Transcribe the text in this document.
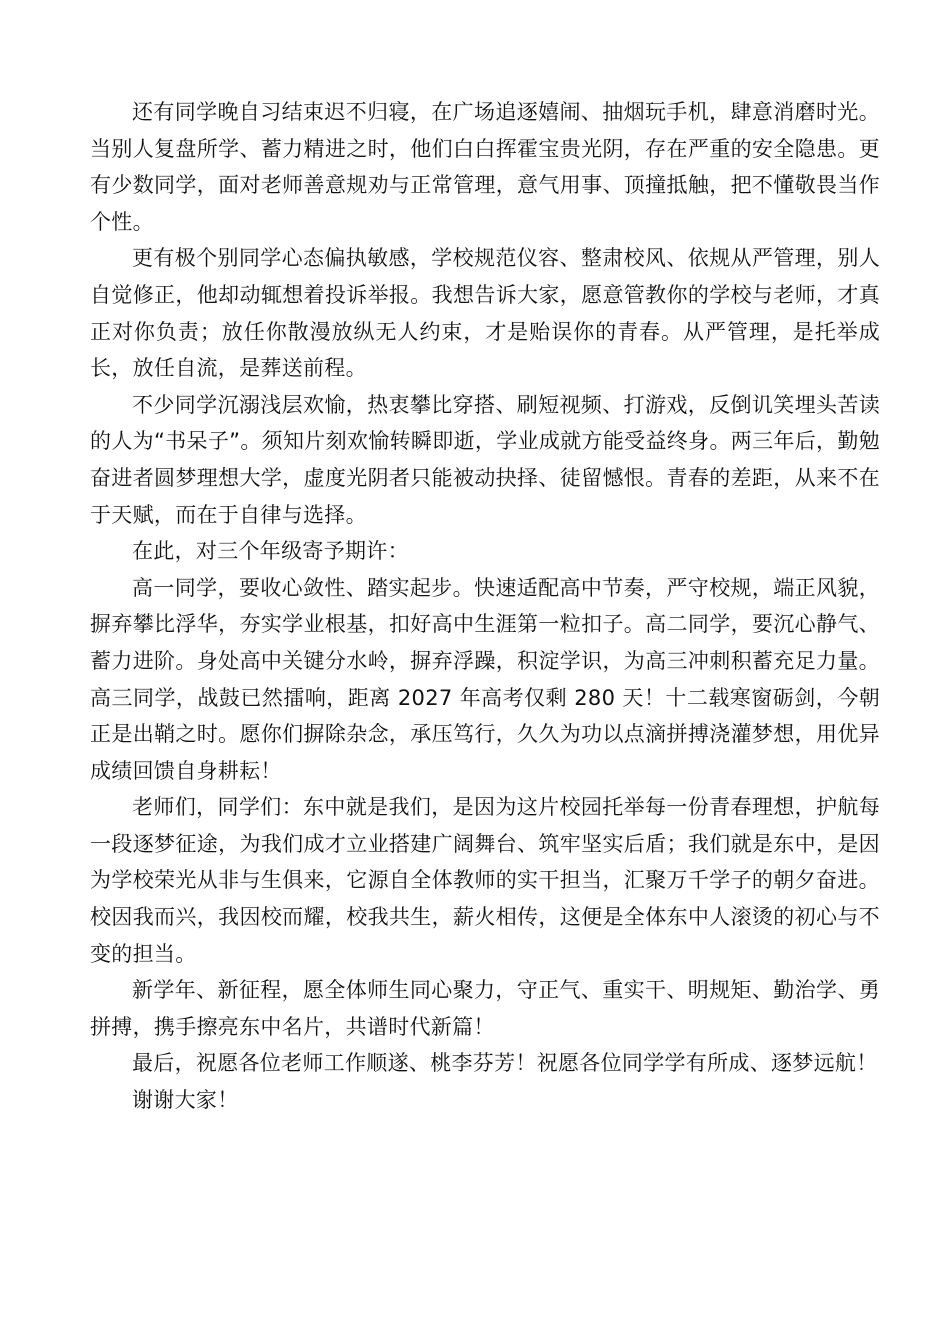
还有同学晚自习结束迟不归寝，在广场追逐嬉闹、抽烟玩手机，肆意消磨时光。当别人复盘所学、蓄力精进之时，他们白白挥霍宝贵光阴，存在严重的安全隐患。更有少数同学，面对老师善意规劝与正常管理，意气用事、顶撞抵触，把不懂敬畏当作个性。

更有极个别同学心态偏执敏感，学校规范仪容、整肃校风、依规从严管理，别人自觉修正，他却动辄想着投诉举报。我想告诉大家，愿意管教你的学校与老师，才真正对你负责；放任你散漫放纵无人约束，才是贻误你的青春。从严管理，是托举成长，放任自流，是葬送前程。

不少同学沉溺浅层欢愉，热衷攀比穿搭、刷短视频、打游戏，反倒讥笑埋头苦读的人为“书呆子”。须知片刻欢愉转瞬即逝，学业成就方能受益终身。两三年后，勤勉奋进者圆梦理想大学，虚度光阴者只能被动抉择、徒留憾恨。青春的差距，从来不在于天赋，而在于自律与选择。

在此，对三个年级寄予期许：

高一同学，要收心敛性、踏实起步。快速适配高中节奏，严守校规，端正风貌，摒弃攀比浮华，夯实学业根基，扣好高中生涯第一粒扣子。高二同学，要沉心静气、蓄力进阶。身处高中关键分水岭，摒弃浮躁，积淀学识，为高三冲刺积蓄充足力量。高三同学，战鼓已然擂响，距离 2027 年高考仅剩 280 天！十二载寒窗砺剑，今朝正是出鞘之时。愿你们摒除杂念，承压笃行，久久为功以点滴拼搏浇灌梦想，用优异成绩回馈自身耕耘！

老师们，同学们：东中就是我们，是因为这片校园托举每一份青春理想，护航每一段逐梦征途，为我们成才立业搭建广阔舞台、筑牢坚实后盾；我们就是东中，是因为学校荣光从非与生俱来，它源自全体教师的实干担当，汇聚万千学子的朝夕奋进。校因我而兴，我因校而耀，校我共生，薪火相传，这便是全体东中人滚烫的初心与不变的担当。

新学年、新征程，愿全体师生同心聚力，守正气、重实干、明规矩、勤治学、勇拼搏，携手擦亮东中名片，共谱时代新篇！

最后，祝愿各位老师工作顺遂、桃李芬芳！祝愿各位同学学有所成、逐梦远航！

谢谢大家！
